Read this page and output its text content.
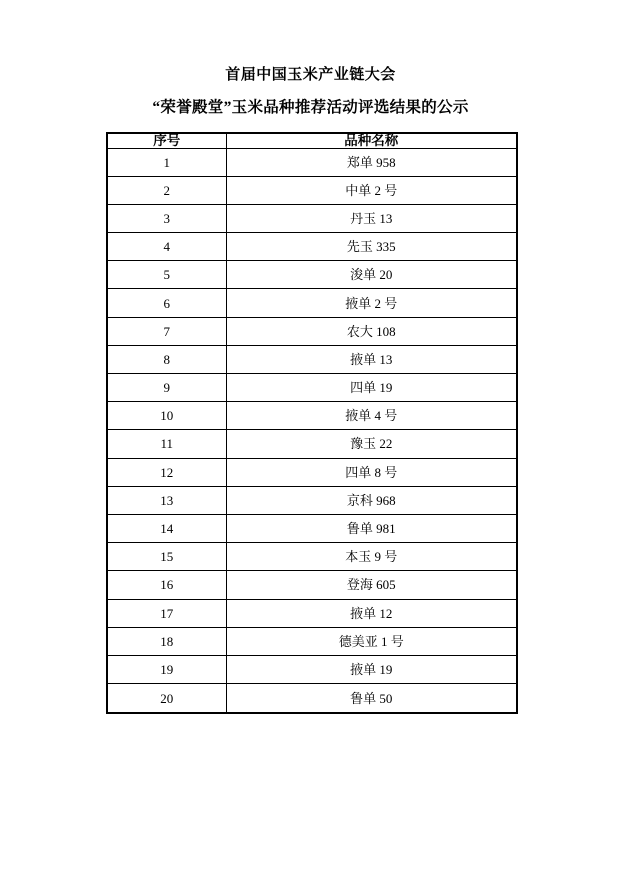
首届中国玉米产业链大会
“荣誉殿堂”玉米品种推荐活动评选结果的公示
序号	品种名称
1	郑单 958
2	中单 2 号
3	丹玉 13
4	先玉 335
5	浚单 20
6	掖单 2 号
7	农大 108
8	掖单 13
9	四单 19
10	掖单 4 号
11	豫玉 22
12	四单 8 号
13	京科 968
14	鲁单 981
15	本玉 9 号
16	登海 605
17	掖单 12
18	德美亚 1 号
19	掖单 19
20	鲁单 50
